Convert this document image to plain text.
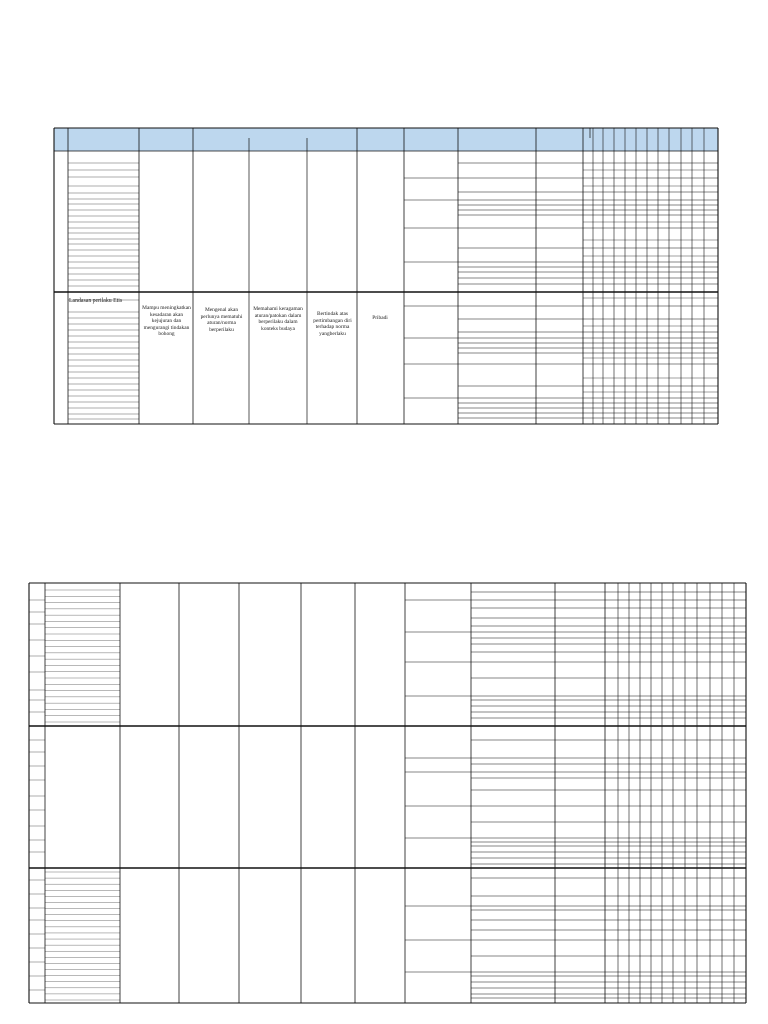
Landasan perilaku Etis
Mampu meningkatkan kesadaran akan kejujuran dan mengurangi tindakan bohong
Mengenal akan perlunya mematuhi aturan/norma berperilaku
Memahami keragaman aturan/patokan dalam berperilaku dalam konteks budaya
Bertindak atas pertimbangan diri terhadap norma yangberlaku
Pribadi
